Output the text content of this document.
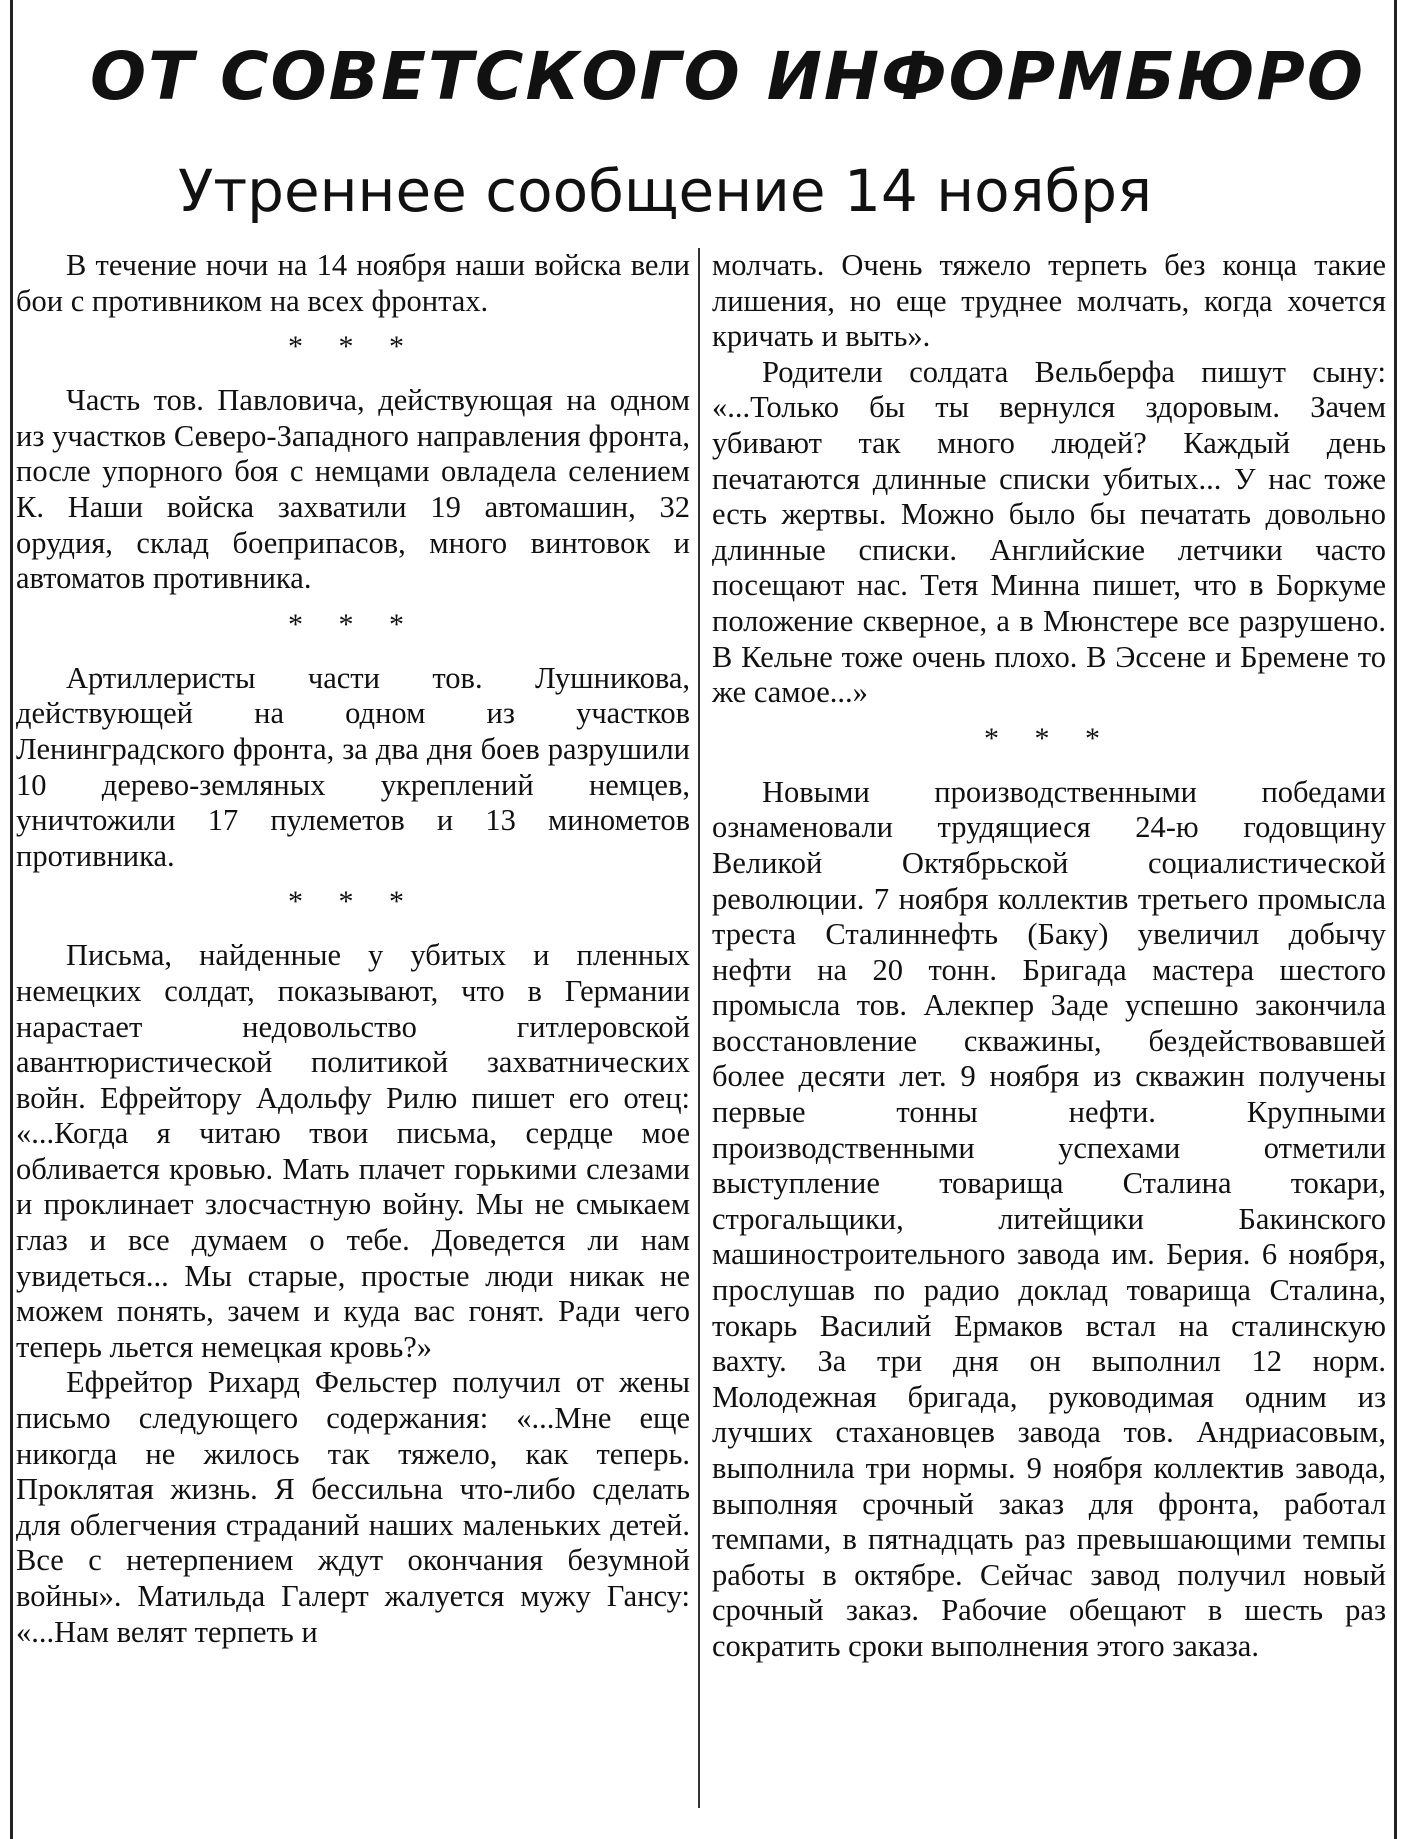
ОТ СОВЕТСКОГО ИНФОРМБЮРО
Утреннее сообщение 14 ноября

В течение ночи на 14 ноября наши войска вели бои с противником на всех фронтах.

* * *

Часть тов. Павловича, действующая на одном из участков Северо-Западного направления фронта, после упорного боя с немцами овладела селением К. Наши войска захватили 19 автомашин, 32 орудия, склад боеприпасов, много винтовок и автоматов противника.

* * *

Артиллеристы части тов. Лушникова, действующей на одном из участков Ленинградского фронта, за два дня боев разрушили 10 дерево-земляных укреплений немцев, уничтожили 17 пулеметов и 13 минометов противника.

* * *

Письма, найденные у убитых и пленных немецких солдат, показывают, что в Германии нарастает недовольство гитлеровской авантюристической политикой захватнических войн. Ефрейтору Адольфу Рилю пишет его отец: «...Когда я читаю твои письма, сердце мое обливается кровью. Мать плачет горькими слезами и проклинает злосчастную войну. Мы не смыкаем глаз и все думаем о тебе. Доведется ли нам увидеться... Мы старые, простые люди никак не можем понять, зачем и куда вас гонят. Ради чего теперь льется немецкая кровь?»

Ефрейтор Рихард Фельстер получил от жены письмо следующего содержания: «...Мне еще никогда не жилось так тяжело, как теперь. Проклятая жизнь. Я бессильна что-либо сделать для облегчения страданий наших маленьких детей. Все с нетерпением ждут окончания безумной войны». Матильда Галерт жалуется мужу Гансу: «...Нам велят терпеть и

молчать. Очень тяжело терпеть без конца такие лишения, но еще труднее молчать, когда хочется кричать и выть».

Родители солдата Вельберфа пишут сыну: «...Только бы ты вернулся здоровым. Зачем убивают так много людей? Каждый день печатаются длинные списки убитых... У нас тоже есть жертвы. Можно было бы печатать довольно длинные списки. Английские летчики часто посещают нас. Тетя Минна пишет, что в Боркуме положение скверное, а в Мюнстере все разрушено. В Кельне тоже очень плохо. В Эссене и Бремене то же самое...»

* * *

Новыми производственными победами ознаменовали трудящиеся 24-ю годовщину Великой Октябрьской социалистической революции. 7 ноября коллектив третьего промысла треста Сталиннефть (Баку) увеличил добычу нефти на 20 тонн. Бригада мастера шестого промысла тов. Алекпер Заде успешно закончила восстановление скважины, бездействовавшей более десяти лет. 9 ноября из скважин получены первые тонны нефти. Крупными производственными успехами отметили выступление товарища Сталина токари, строгальщики, литейщики Бакинского машиностроительного завода им. Берия. 6 ноября, прослушав по радио доклад товарища Сталина, токарь Василий Ермаков встал на сталинскую вахту. За три дня он выполнил 12 норм. Молодежная бригада, руководимая одним из лучших стахановцев завода тов. Андриасовым, выполнила три нормы. 9 ноября коллектив завода, выполняя срочный заказ для фронта, работал темпами, в пятнадцать раз превышающими темпы работы в октябре. Сейчас завод получил новый срочный заказ. Рабочие обещают в шесть раз сократить сроки выполнения этого заказа.
